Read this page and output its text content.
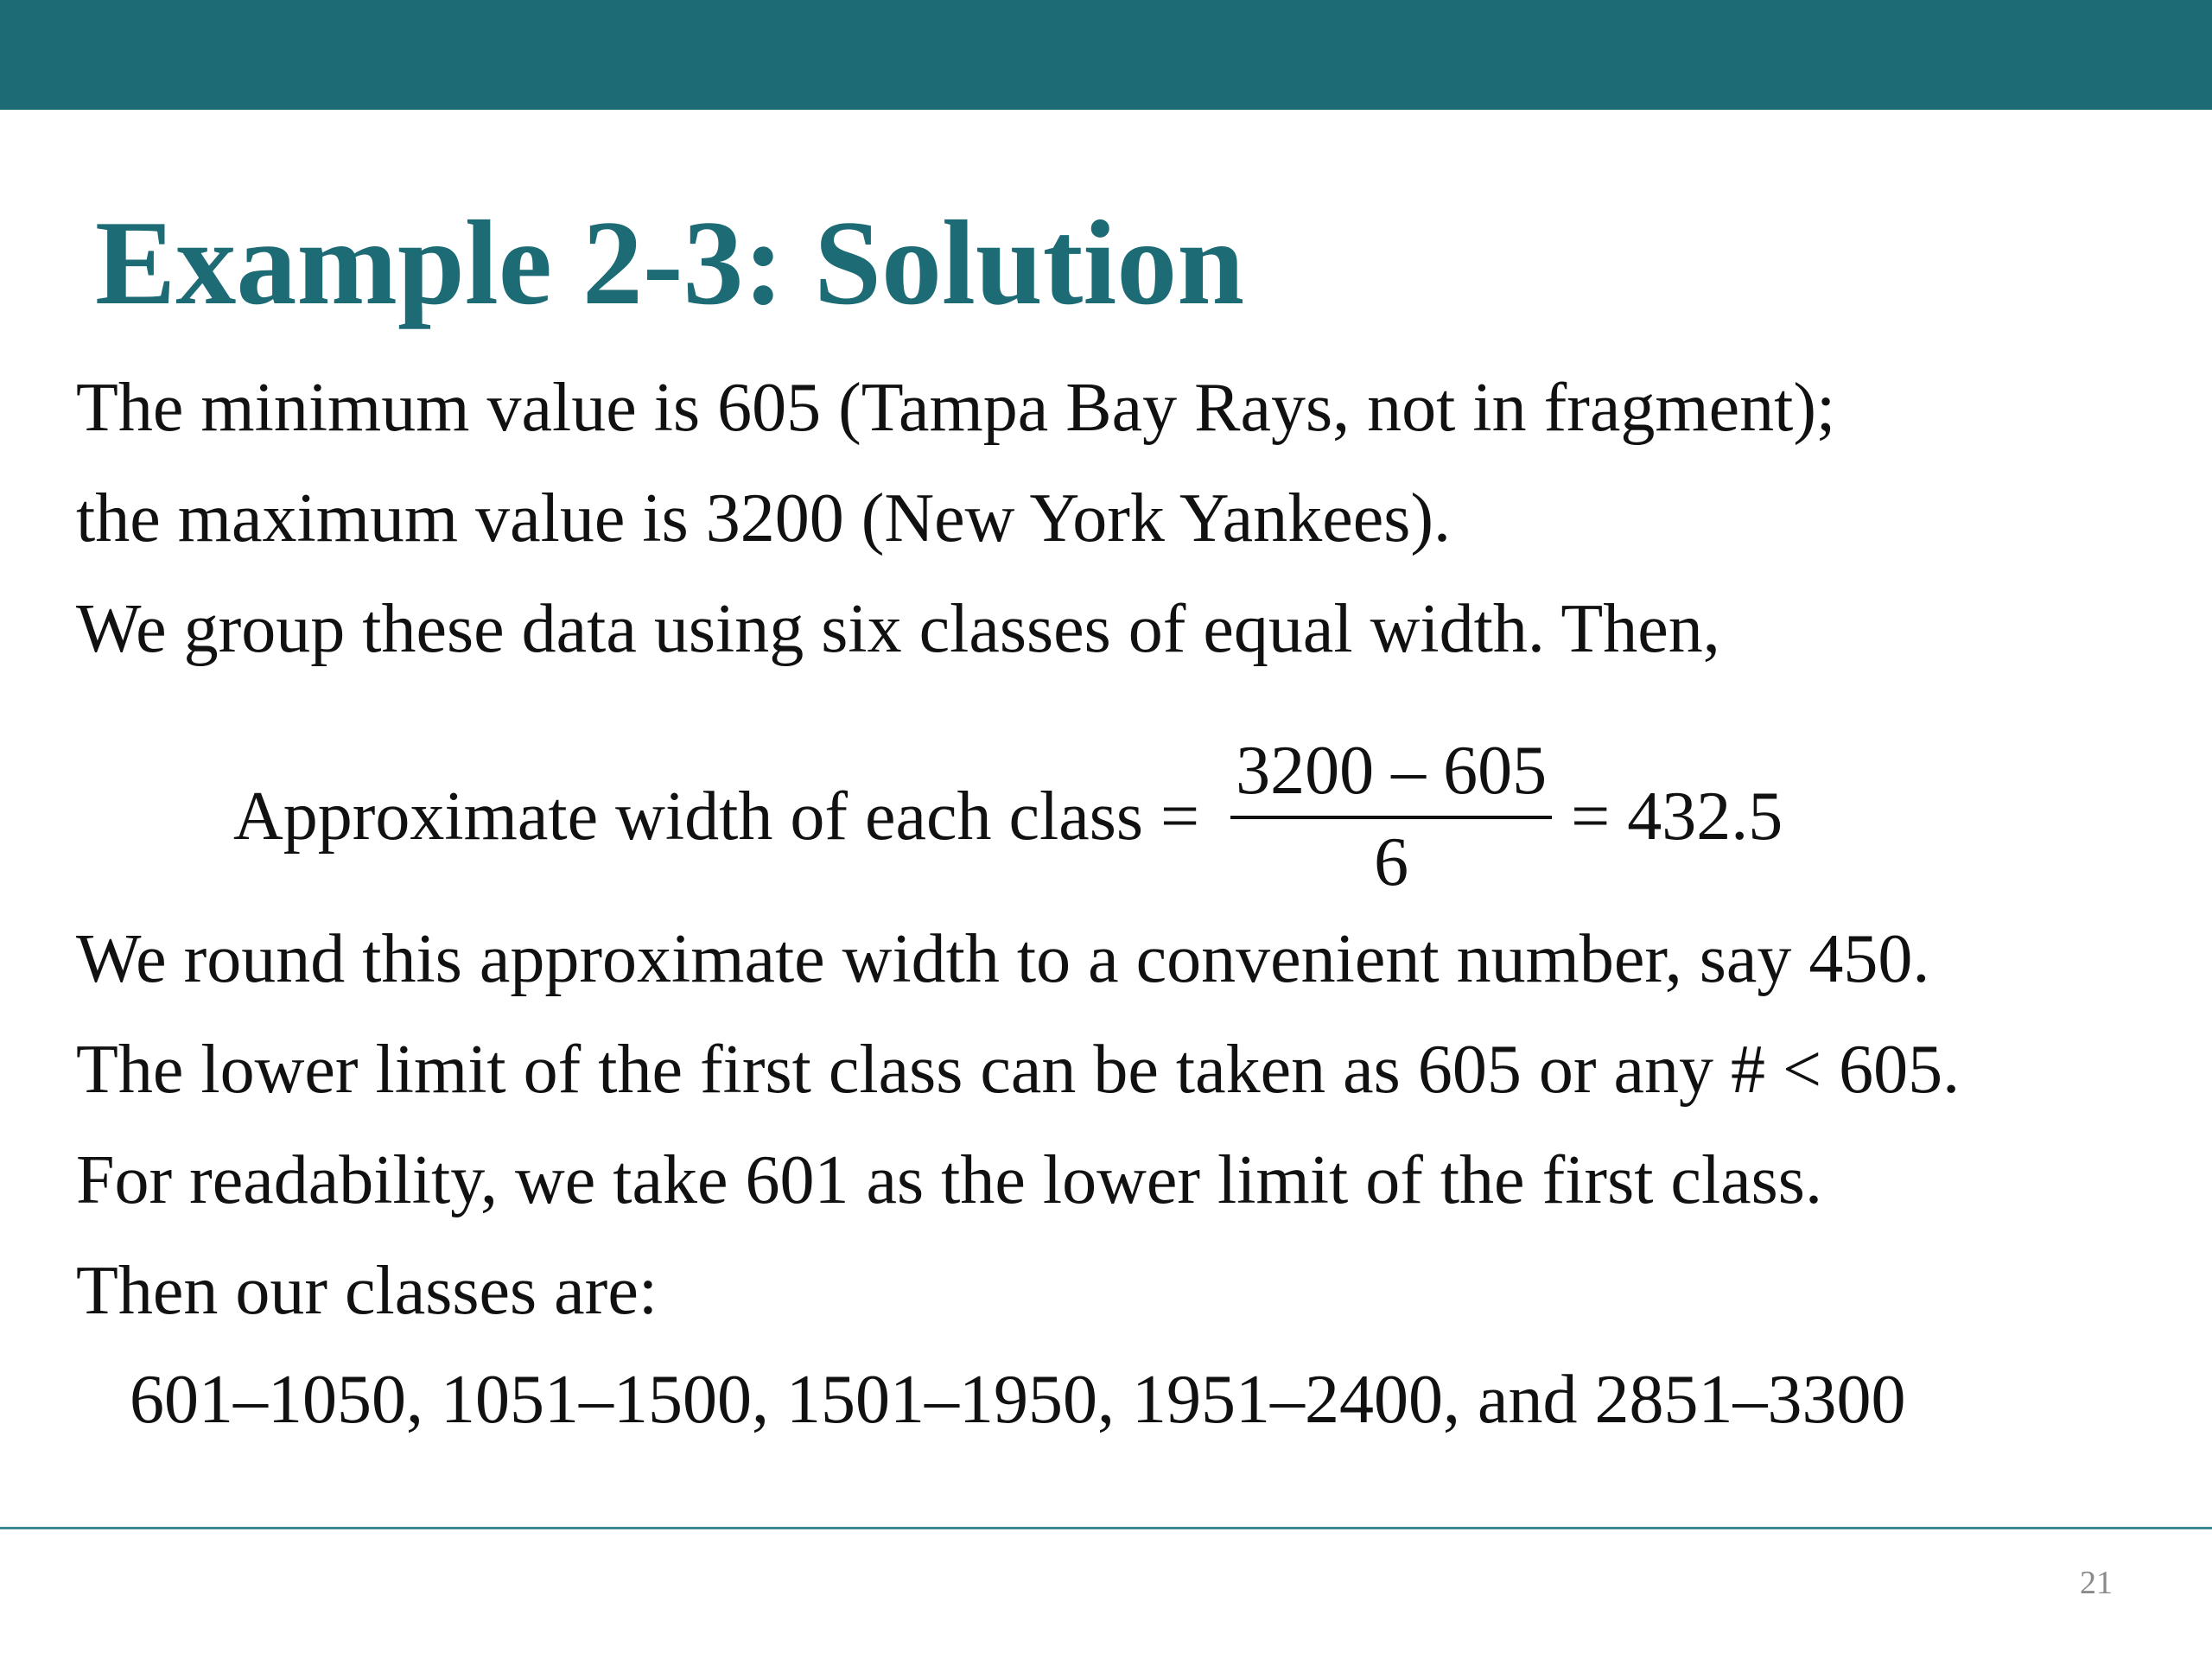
Example 2-3: Solution
The minimum value is 605 (Tampa Bay Rays, not in fragment);
the maximum value is 3200 (New York Yankees).
We group these data using six classes of equal width. Then,
Approximate width of each class = $\frac{3200 - 605}{6} = 432.5$
We round this approximate width to a convenient number, say 450.
The lower limit of the first class can be taken as 605 or any # < 605.
For readability, we take 601 as the lower limit of the first class.
Then our classes are:
601–1050, 1051–1500, 1501–1950, 1951–2400, and 2851–3300
21
